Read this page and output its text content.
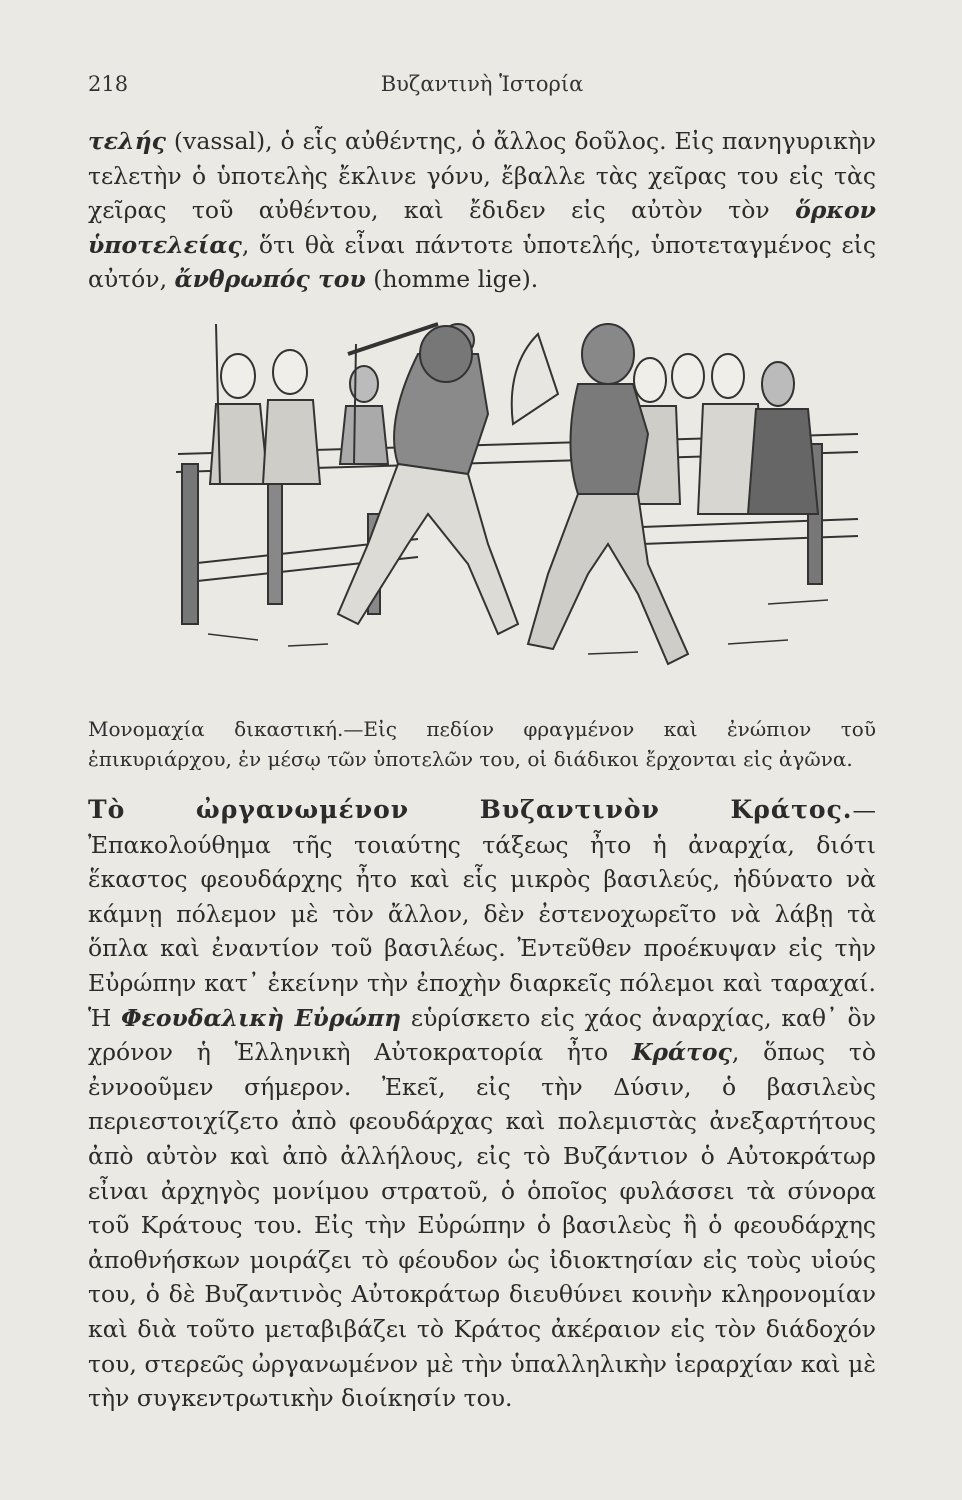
218	Βυζαντινὴ Ἱστορία

τελής (vassal), ὁ εἷς αὐθέντης, ὁ ἄλλος δοῦλος. Εἰς πανηγυρικὴν τελετὴν ὁ ὑποτελὴς ἔκλινε γόνυ, ἔβαλλε τὰς χεῖρας του εἰς τὰς χεῖρας τοῦ αὐθέντου, καὶ ἔδιδεν εἰς αὐτὸν τὸν ὅρκον ὑποτελείας, ὅτι θὰ εἶναι πάντοτε ὑποτελής, ὑποτεταγμένος εἰς αὐτόν, ἄνθρωπός του (homme lige).

Μονομαχία δικαστική.—Εἰς πεδίον φραγμένον καὶ ἐνώπιον τοῦ ἐπικυριάρχου, ἐν μέσῳ τῶν ὑποτελῶν του, οἱ διάδικοι ἔρχονται εἰς ἀγῶνα.

Τὸ ὠργανωμένον Βυζαντινὸν Κράτος.—Ἐπακολούθημα τῆς τοιαύτης τάξεως ἦτο ἡ ἀναρχία, διότι ἕκαστος φεουδάρχης ἦτο καὶ εἷς μικρὸς βασιλεύς, ἠδύνατο νὰ κάμνῃ πόλεμον μὲ τὸν ἄλλον, δὲν ἐστενοχωρεῖτο νὰ λάβῃ τὰ ὅπλα καὶ ἐναντίον τοῦ βασιλέως. Ἐντεῦθεν προέκυψαν εἰς τὴν Εὐρώπην κατ᾽ ἐκείνην τὴν ἐποχὴν διαρκεῖς πόλεμοι καὶ ταραχαί. Ἡ Φεουδαλικὴ Εὐρώπη εὑρίσκετο εἰς χάος ἀναρχίας, καθ᾽ ὃν χρόνον ἡ Ἑλληνικὴ Αὐτοκρατορία ἦτο Κράτος, ὅπως τὸ ἐννοοῦμεν σήμερον. Ἐκεῖ, εἰς τὴν Δύσιν, ὁ βασιλεὺς περιεστοιχίζετο ἀπὸ φεουδάρχας καὶ πολεμιστὰς ἀνεξαρτήτους ἀπὸ αὐτὸν καὶ ἀπὸ ἀλλήλους, εἰς τὸ Βυζάντιον ὁ Αὐτοκράτωρ εἶναι ἀρχηγὸς μονίμου στρατοῦ, ὁ ὁποῖος φυλάσσει τὰ σύνορα τοῦ Κράτους του. Εἰς τὴν Εὐρώπην ὁ βασιλεὺς ἢ ὁ φεουδάρχης ἀποθνήσκων μοιράζει τὸ φέουδον ὡς ἰδιοκτησίαν εἰς τοὺς υἱούς του, ὁ δὲ Βυζαντινὸς Αὐτοκράτωρ διευθύνει κοινὴν κληρονομίαν καὶ διὰ τοῦτο μεταβιβάζει τὸ Κράτος ἀκέραιον εἰς τὸν διάδοχόν του, στερεῶς ὠργανωμένον μὲ τὴν ὑπαλληλικὴν ἱεραρχίαν καὶ μὲ τὴν συγκεντρωτικὴν διοίκησίν του.
